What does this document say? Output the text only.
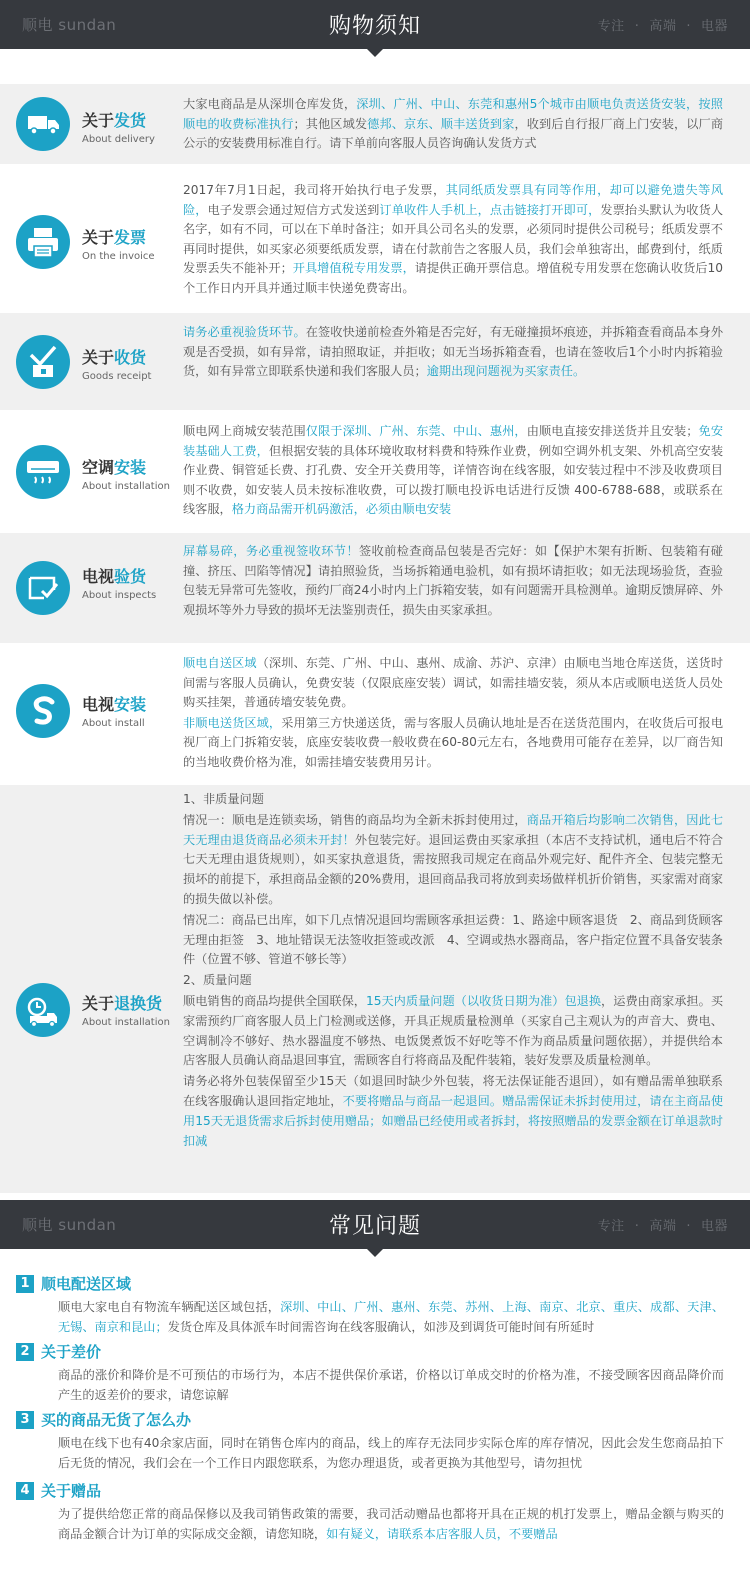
顺电 sundan	购物须知	专注 · 高端 · 电器
关于发货
About delivery
大家电商品是从深圳仓库发货，深圳、广州、中山、东莞和惠州5个城市由顺电负责送货安装，按照顺电的收费标准执行；其他区域发德邦、京东、顺丰送货到家，收到后自行报厂商上门安装，以厂商公示的安装费用标准自行。请下单前向客服人员咨询确认发货方式
关于发票
On the invoice
2017年7月1日起，我司将开始执行电子发票，其同纸质发票具有同等作用，却可以避免遗失等风险，电子发票会通过短信方式发送到订单收件人手机上，点击链接打开即可，发票抬头默认为收货人名字，如有不同，可以在下单时备注；如开具公司名头的发票，必须同时提供公司税号；纸质发票不再同时提供，如买家必须要纸质发票，请在付款前告之客服人员，我们会单独寄出，邮费到付，纸质发票丢失不能补开；开具增值税专用发票，请提供正确开票信息。增值税专用发票在您确认收货后10个工作日内开具并通过顺丰快递免费寄出。
关于收货
Goods receipt
请务必重视验货环节。在签收快递前检查外箱是否完好，有无碰撞损坏痕迹，并拆箱查看商品本身外观是否受损，如有异常，请拍照取证，并拒收；如无当场拆箱查看，也请在签收后1个小时内拆箱验货，如有异常立即联系快递和我们客服人员；逾期出现问题视为买家责任。
空调安装
About installation
顺电网上商城安装范围仅限于深圳、广州、东莞、中山、惠州，由顺电直接安排送货并且安装；免安装基础人工费，但根据安装的具体环境收取材料费和特殊作业费，例如空调外机支架、外机高空安装作业费、铜管延长费、打孔费、安全开关费用等，详情咨询在线客服，如安装过程中不涉及收费项目则不收费，如安装人员未按标准收费，可以拨打顺电投诉电话进行反馈 400-6788-688，或联系在线客服，格力商品需开机码激活，必须由顺电安装
电视验货
About inspects
屏幕易碎，务必重视签收环节！签收前检查商品包装是否完好：如【保护木架有折断、包装箱有碰撞、挤压、凹陷等情况】请拍照验货，当场拆箱通电验机，如有损坏请拒收；如无法现场验货，查验包装无异常可先签收，预约厂商24小时内上门拆箱安装，如有问题需开具检测单。逾期反馈屏碎、外观损坏等外力导致的损坏无法鉴别责任，损失由买家承担。
电视安装
About install
顺电自送区域（深圳、东莞、广州、中山、惠州、成渝、苏沪、京津）由顺电当地仓库送货，送货时间需与客服人员确认，免费安装（仅限底座安装）调试，如需挂墙安装，须从本店或顺电送货人员处购买挂架，普通砖墙安装免费。
非顺电送货区域，采用第三方快递送货，需与客服人员确认地址是否在送货范围内，在收货后可报电视厂商上门拆箱安装，底座安装收费一般收费在60-80元左右，各地费用可能存在差异，以厂商告知的当地收费价格为准，如需挂墙安装费用另计。
关于退换货
About installation
1、非质量问题
情况一：顺电是连锁卖场，销售的商品均为全新未拆封使用过，商品开箱后均影响二次销售，因此七天无理由退货商品必须未开封！外包装完好。退回运费由买家承担（本店不支持试机，通电后不符合七天无理由退货规则），如买家执意退货，需按照我司规定在商品外观完好、配件齐全、包装完整无损坏的前提下，承担商品金额的20%费用，退回商品我司将放到卖场做样机折价销售，买家需对商家的损失做以补偿。
情况二：商品已出库，如下几点情况退回均需顾客承担运费：1、路途中顾客退货　2、商品到货顾客无理由拒签　3、地址错误无法签收拒签或改派　4、空调或热水器商品，客户指定位置不具备安装条件（位置不够、管道不够长等）
2、质量问题
顺电销售的商品均提供全国联保，15天内质量问题（以收货日期为准）包退换，运费由商家承担。买家需预约厂商客服人员上门检测或送修，开具正规质量检测单（买家自己主观认为的声音大、费电、空调制冷不够好、热水器温度不够热、电饭煲煮饭不好吃等不作为商品质量问题依据），并提供给本店客服人员确认商品退回事宜，需顾客自行将商品及配件装箱，装好发票及质量检测单。
请务必将外包装保留至少15天（如退回时缺少外包装，将无法保证能否退回），如有赠品需单独联系在线客服确认退回指定地址，不要将赠品与商品一起退回。赠品需保证未拆封使用过，请在主商品使用15天无退货需求后拆封使用赠品；如赠品已经使用或者拆封，将按照赠品的发票金额在订单退款时扣减
顺电 sundan	常见问题	专注 · 高端 · 电器
1 顺电配送区域
顺电大家电自有物流车辆配送区域包括，深圳、中山、广州、惠州、东莞、苏州、上海、南京、北京、重庆、成都、天津、无锡、南京和昆山；发货仓库及具体派车时间需咨询在线客服确认，如涉及到调货可能时间有所延时
2 关于差价
商品的涨价和降价是不可预估的市场行为，本店不提供保价承诺，价格以订单成交时的价格为准，不接受顾客因商品降价而产生的返差价的要求，请您谅解
3 买的商品无货了怎么办
顺电在线下也有40余家店面，同时在销售仓库内的商品，线上的库存无法同步实际仓库的库存情况，因此会发生您商品拍下后无货的情况，我们会在一个工作日内跟您联系，为您办理退货，或者更换为其他型号，请勿担忧
4 关于赠品
为了提供给您正常的商品保修以及我司销售政策的需要，我司活动赠品也都将开具在正规的机打发票上，赠品金额与购买的商品金额合计为订单的实际成交金额，请您知晓，如有疑义，请联系本店客服人员，不要赠品
